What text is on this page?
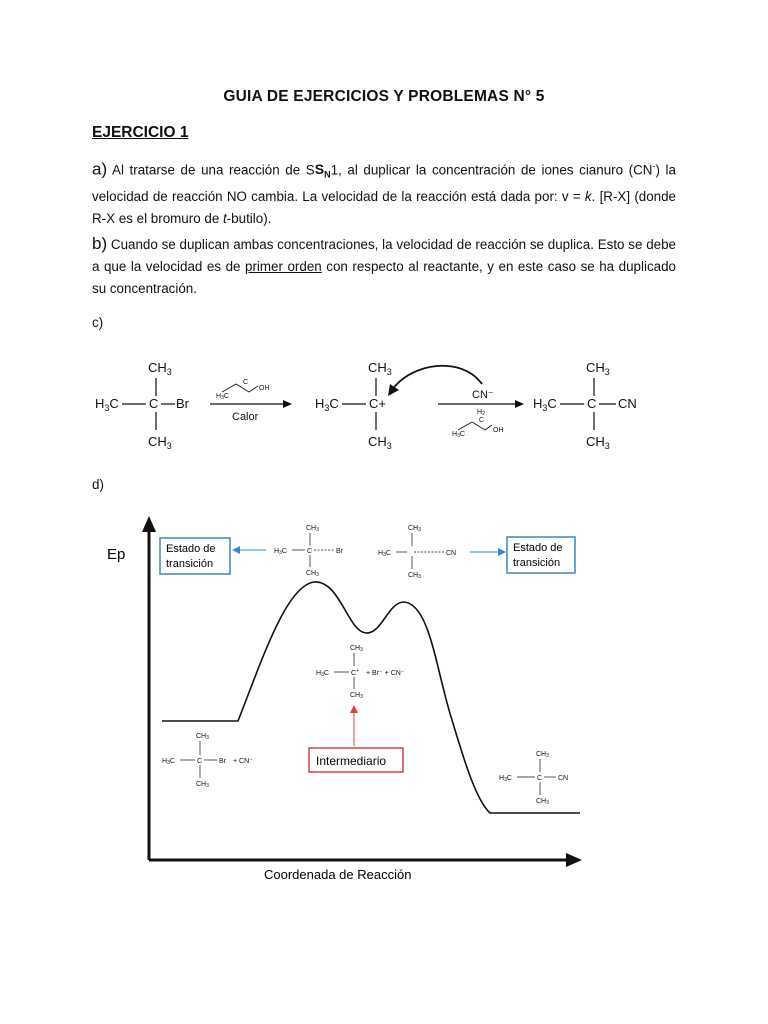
GUIA DE EJERCICIOS Y PROBLEMAS N° 5
EJERCICIO 1
a) Al tratarse de una reacción de $SS_N1$, al duplicar la concentración de iones cianuro (CN-) la velocidad de reacción NO cambia. La velocidad de la reacción está dada por: v = k. [R-X] (donde R-X es el bromuro de t-butilo).
b) Cuando se duplican ambas concentraciones, la velocidad de reacción se duplica. Esto se debe a que la velocidad es de primer orden con respecto al reactante, y en este caso se ha duplicado su concentración.
c)
$CH_3$
$H_3C$ C Br
$CH_3$
H3C
C
OH
Calor
$CH_3$
$H_3C$ C+
$CH_3$
CN⁻
H3C
H2
C
OH
$CH_3$
$H_3C$ C CN
$CH_3$
d)
Ep
Coordenada de Reacción
Estado de
transición
CH3
H3C	C	Br
CH3
CH3
H3C	CN
CH3
Estado de
transición
CH3
H3C	C+ + Br⁻ + CN⁻
CH3
Intermediario
CH3
H3C	C Br + CN⁻
CH3
CH3
H3C	C CN
CH3
